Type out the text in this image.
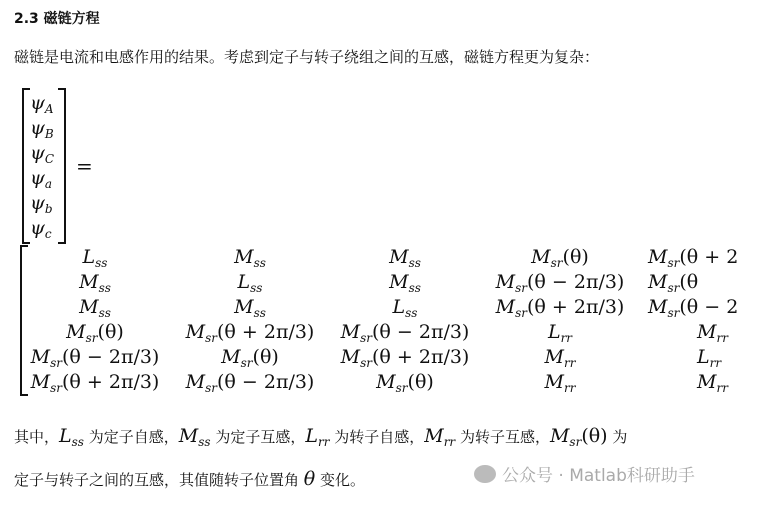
2.3 磁链方程
磁链是电流和电感作用的结果。考虑到定子与转子绕组之间的互感，磁链方程更为复杂：
$\psi_A$
$\psi_B$
$\psi_C$
$\psi_a$
$\psi_b$
$\psi_c$
=
$L_{ss}$	$M_{ss}$	$M_{ss}$	$M_{sr}(\theta)$	$M_{sr}(\theta + 2$
$M_{ss}$	$L_{ss}$	$M_{ss}$	$M_{sr}(\theta - 2\pi/3)$	$M_{sr}(\theta$
$M_{ss}$	$M_{ss}$	$L_{ss}$	$M_{sr}(\theta + 2\pi/3)$	$M_{sr}(\theta - 2$
$M_{sr}(\theta)$	$M_{sr}(\theta + 2\pi/3)$	$M_{sr}(\theta - 2\pi/3)$	$L_{rr}$	$M_{rr}$
$M_{sr}(\theta - 2\pi/3)$	$M_{sr}(\theta)$	$M_{sr}(\theta + 2\pi/3)$	$M_{rr}$	$L_{rr}$
$M_{sr}(\theta + 2\pi/3)$	$M_{sr}(\theta - 2\pi/3)$	$M_{sr}(\theta)$	$M_{rr}$	$M_{rr}$
其中，$L_{ss}$ 为定子自感，$M_{ss}$ 为定子互感，$L_{rr}$ 为转子自感，$M_{rr}$ 为转子互感，$M_{sr}(\theta)$ 为
定子与转子之间的互感，其值随转子位置角 θ 变化。	公众号 · Matlab科研助手
